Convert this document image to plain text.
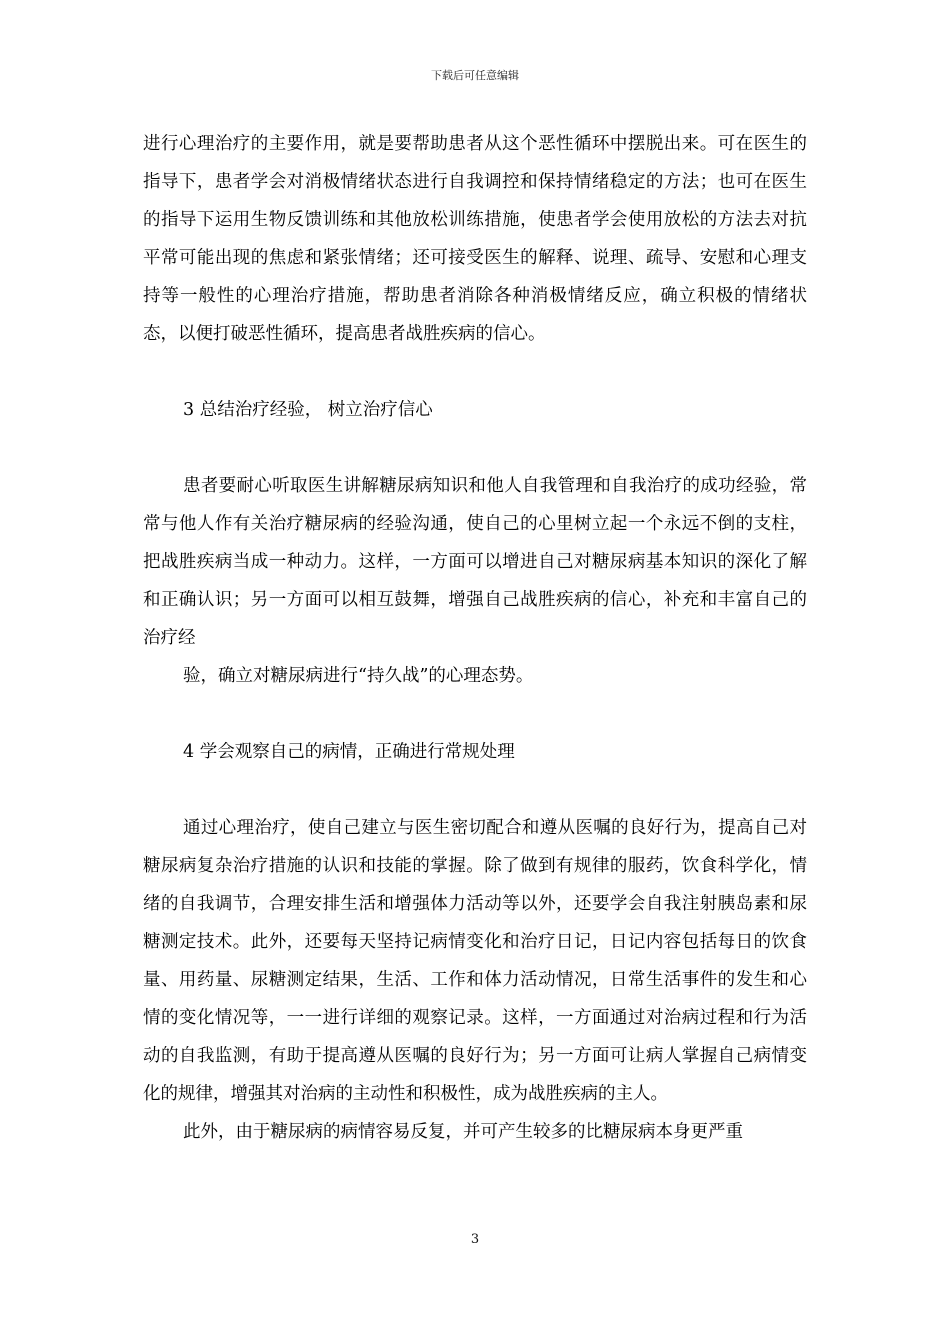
下载后可任意编辑

进行心理治疗的主要作用，就是要帮助患者从这个恶性循环中摆脱出来。可在医生的指导下，患者学会对消极情绪状态进行自我调控和保持情绪稳定的方法；也可在医生的指导下运用生物反馈训练和其他放松训练措施，使患者学会使用放松的方法去对抗平常可能出现的焦虑和紧张情绪；还可接受医生的解释、说理、疏导、安慰和心理支持等一般性的心理治疗措施，帮助患者消除各种消极情绪反应，确立积极的情绪状态，以便打破恶性循环，提高患者战胜疾病的信心。

3 总结治疗经验， 树立治疗信心

患者要耐心听取医生讲解糖尿病知识和他人自我管理和自我治疗的成功经验，常常与他人作有关治疗糖尿病的经验沟通，使自己的心里树立起一个永远不倒的支柱，把战胜疾病当成一种动力。这样，一方面可以增进自己对糖尿病基本知识的深化了解和正确认识；另一方面可以相互鼓舞，增强自己战胜疾病的信心，补充和丰富自己的治疗经

验，确立对糖尿病进行“持久战”的心理态势。

4 学会观察自己的病情，正确进行常规处理

通过心理治疗，使自己建立与医生密切配合和遵从医嘱的良好行为，提高自己对糖尿病复杂治疗措施的认识和技能的掌握。除了做到有规律的服药，饮食科学化，情绪的自我调节，合理安排生活和增强体力活动等以外，还要学会自我注射胰岛素和尿糖测定技术。此外，还要每天坚持记病情变化和治疗日记，日记内容包括每日的饮食量、用药量、尿糖测定结果，生活、工作和体力活动情况，日常生活事件的发生和心情的变化情况等，一一进行详细的观察记录。这样，一方面通过对治病过程和行为活动的自我监测，有助于提高遵从医嘱的良好行为；另一方面可让病人掌握自己病情变化的规律，增强其对治病的主动性和积极性，成为战胜疾病的主人。

此外，由于糖尿病的病情容易反复，并可产生较多的比糖尿病本身更严重

3
